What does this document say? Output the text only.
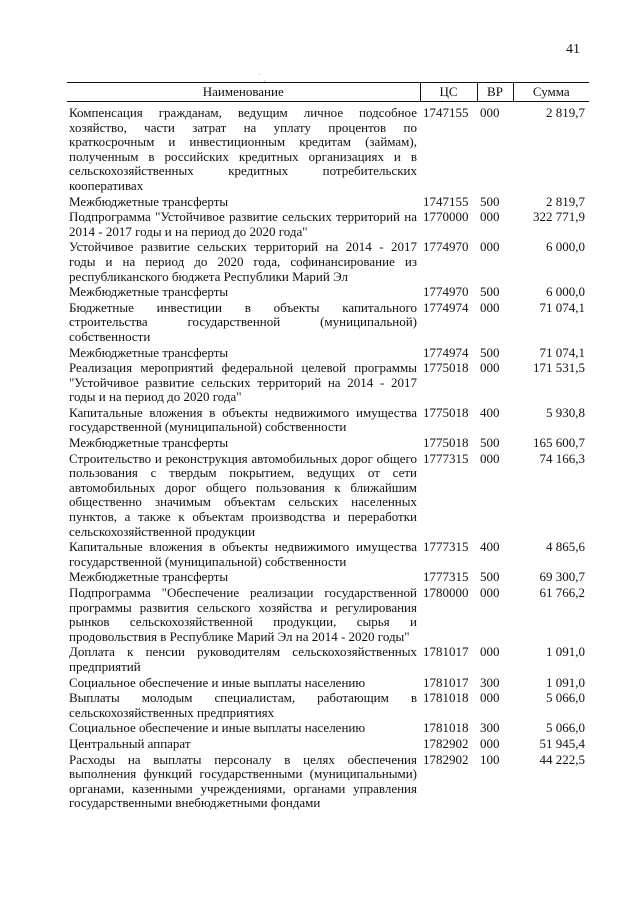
41
´ ˏ
Наименование	ЦС	ВР	Сумма
Компенсация гражданам, ведущим личное подсобное хозяйство, части затрат на уплату процентов по краткосрочным и инвестиционным кредитам (займам), полученным в российских кредитных организациях и в сельскохозяйственных кредитных потребительских кооперативах	1747155	000	2 819,7
Межбюджетные трансферты	1747155	500	2 819,7
Подпрограмма "Устойчивое развитие сельских территорий на 2014 - 2017 годы и на период до 2020 года"	1770000	000	322 771,9
Устойчивое развитие сельских территорий на 2014 - 2017 годы и на период до 2020 года, софинансирование из республиканского бюджета Республики Марий Эл	1774970	000	6 000,0
Межбюджетные трансферты	1774970	500	6 000,0
Бюджетные инвестиции в объекты капитального строительства государственной (муниципальной) собственности	1774974	000	71 074,1
Межбюджетные трансферты	1774974	500	71 074,1
Реализация мероприятий федеральной целевой программы "Устойчивое развитие сельских территорий на 2014 - 2017 годы и на период до 2020 года"	1775018	000	171 531,5
Капитальные вложения в объекты недвижимого имущества государственной (муниципальной) собственности	1775018	400	5 930,8
Межбюджетные трансферты	1775018	500	165 600,7
Строительство и реконструкция автомобильных дорог общего пользования с твердым покрытием, ведущих от сети автомобильных дорог общего пользования к ближайшим общественно значимым объектам сельских населенных пунктов, а также к объектам производства и переработки сельскохозяйственной продукции	1777315	000	74 166,3
Капитальные вложения в объекты недвижимого имущества государственной (муниципальной) собственности	1777315	400	4 865,6
Межбюджетные трансферты	1777315	500	69 300,7
Подпрограмма "Обеспечение реализации государственной программы развития сельского хозяйства и регулирования рынков сельскохозяйственной продукции, сырья и продовольствия в Республике Марий Эл на 2014 - 2020 годы"	1780000	000	61 766,2
Доплата к пенсии руководителям сельскохозяйственных предприятий	1781017	000	1 091,0
Социальное обеспечение и иные выплаты населению	1781017	300	1 091,0
Выплаты молодым специалистам, работающим в сельскохозяйственных предприятиях	1781018	000	5 066,0
Социальное обеспечение и иные выплаты населению	1781018	300	5 066,0
Центральный аппарат	1782902	000	51 945,4
Расходы на выплаты персоналу в целях обеспечения выполнения функций государственными (муниципальными) органами, казенными учреждениями, органами управления государственными внебюджетными фондами	1782902	100	44 222,5
